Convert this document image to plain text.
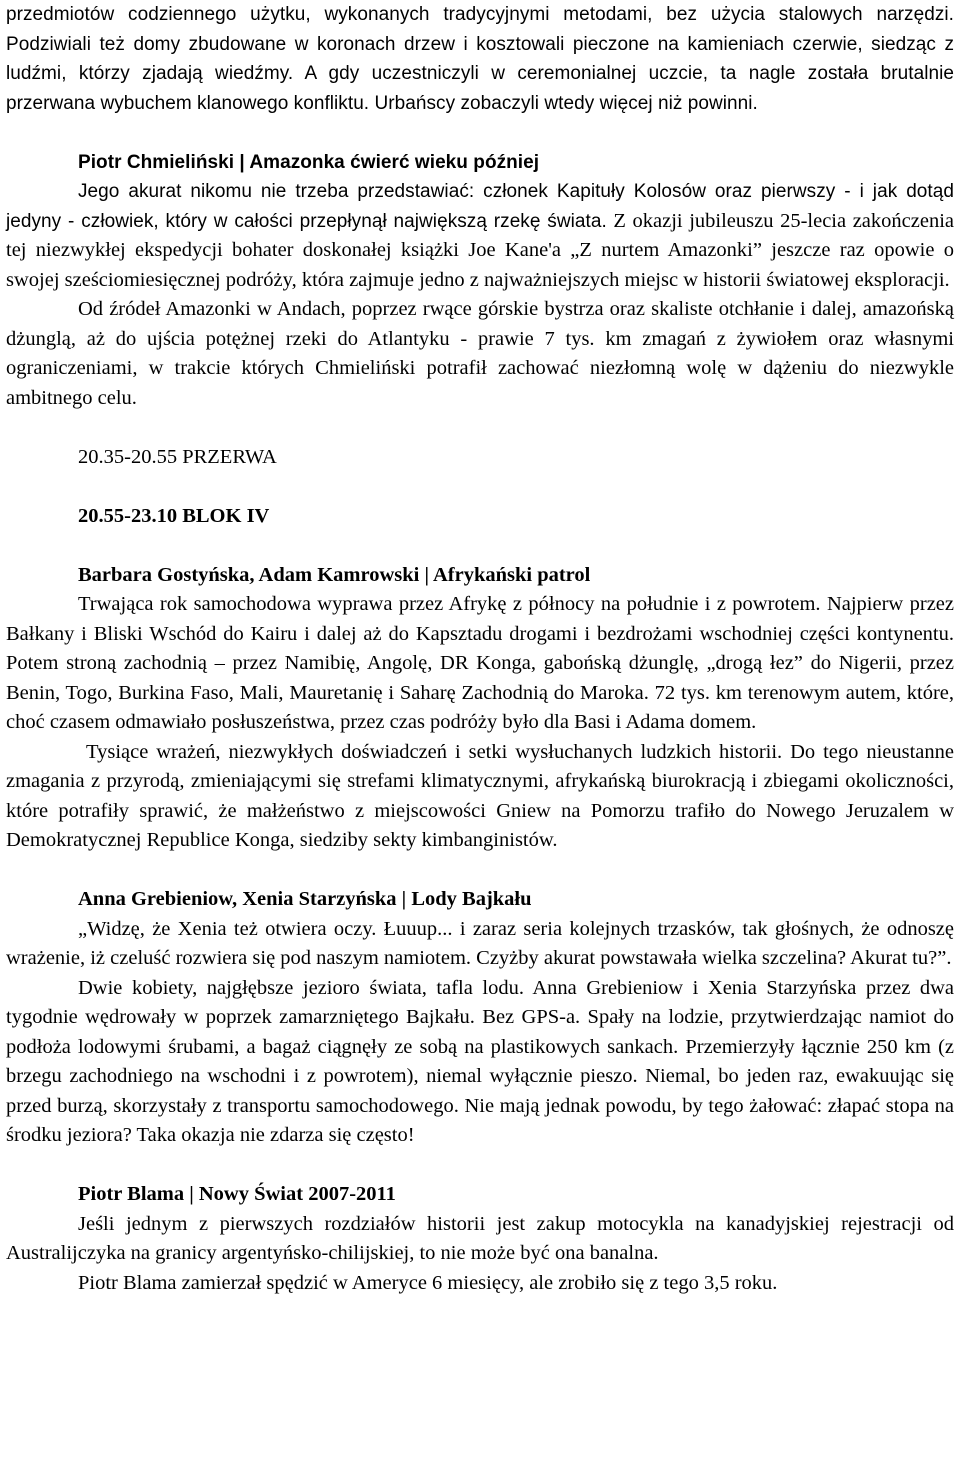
przedmiotów codziennego użytku, wykonanych tradycyjnymi metodami, bez użycia stalowych narzędzi. Podziwiali też domy zbudowane w koronach drzew i kosztowali pieczone na kamieniach czerwie, siedząc z ludźmi, którzy zjadają wiedźmy. A gdy uczestniczyli w ceremonialnej uczcie, ta nagle została brutalnie przerwana wybuchem klanowego konfliktu. Urbańscy zobaczyli wtedy więcej niż powinni.

Piotr Chmieliński | Amazonka ćwierć wieku później

Jego akurat nikomu nie trzeba przedstawiać: członek Kapituły Kolosów oraz pierwszy - i jak dotąd jedyny - człowiek, który w całości przepłynął największą rzekę świata. Z okazji jubileuszu 25-lecia zakończenia tej niezwykłej ekspedycji bohater doskonałej książki Joe Kane'a „Z nurtem Amazonki” jeszcze raz opowie o swojej sześciomiesięcznej podróży, która zajmuje jedno z najważniejszych miejsc w historii światowej eksploracji.

Od źródeł Amazonki w Andach, poprzez rwące górskie bystrza oraz skaliste otchłanie i dalej, amazońską dżunglą, aż do ujścia potężnej rzeki do Atlantyku - prawie 7 tys. km zmagań z żywiołem oraz własnymi ograniczeniami, w trakcie których Chmieliński potrafił zachować niezłomną wolę w dążeniu do niezwykle ambitnego celu.

20.35-20.55 PRZERWA

20.55-23.10 BLOK IV

Barbara Gostyńska, Adam Kamrowski | Afrykański patrol

Trwająca rok samochodowa wyprawa przez Afrykę z północy na południe i z powrotem. Najpierw przez Bałkany i Bliski Wschód do Kairu i dalej aż do Kapsztadu drogami i bezdrożami wschodniej części kontynentu. Potem stroną zachodnią – przez Namibię, Angolę, DR Konga, gabońską dżunglę, „drogą łez” do Nigerii, przez Benin, Togo, Burkina Faso, Mali, Mauretanię i Saharę Zachodnią do Maroka. 72 tys. km terenowym autem, które, choć czasem odmawiało posłuszeństwa, przez czas podróży było dla Basi i Adama domem.

Tysiące wrażeń, niezwykłych doświadczeń i setki wysłuchanych ludzkich historii. Do tego nieustanne zmagania z przyrodą, zmieniającymi się strefami klimatycznymi, afrykańską biurokracją i zbiegami okoliczności, które potrafiły sprawić, że małżeństwo z miejscowości Gniew na Pomorzu trafiło do Nowego Jeruzalem w Demokratycznej Republice Konga, siedziby sekty kimbanginistów.

Anna Grebieniow, Xenia Starzyńska | Lody Bajkału

„Widzę, że Xenia też otwiera oczy. Łuuup... i zaraz seria kolejnych trzasków, tak głośnych, że odnoszę wrażenie, iż czeluść rozwiera się pod naszym namiotem. Czyżby akurat powstawała wielka szczelina? Akurat tu?”.

Dwie kobiety, najgłębsze jezioro świata, tafla lodu. Anna Grebieniow i Xenia Starzyńska przez dwa tygodnie wędrowały w poprzek zamarzniętego Bajkału. Bez GPS-a. Spały na lodzie, przytwierdzając namiot do podłoża lodowymi śrubami, a bagaż ciągnęły ze sobą na plastikowych sankach. Przemierzyły łącznie 250 km (z brzegu zachodniego na wschodni i z powrotem), niemal wyłącznie pieszo. Niemal, bo jeden raz, ewakuując się przed burzą, skorzystały z transportu samochodowego. Nie mają jednak powodu, by tego żałować: złapać stopa na środku jeziora? Taka okazja nie zdarza się często!

Piotr Blama | Nowy Świat 2007-2011

Jeśli jednym z pierwszych rozdziałów historii jest zakup motocykla na kanadyjskiej rejestracji od Australijczyka na granicy argentyńsko-chilijskiej, to nie może być ona banalna.

Piotr Blama zamierzał spędzić w Ameryce 6 miesięcy, ale zrobiło się z tego 3,5 roku.
